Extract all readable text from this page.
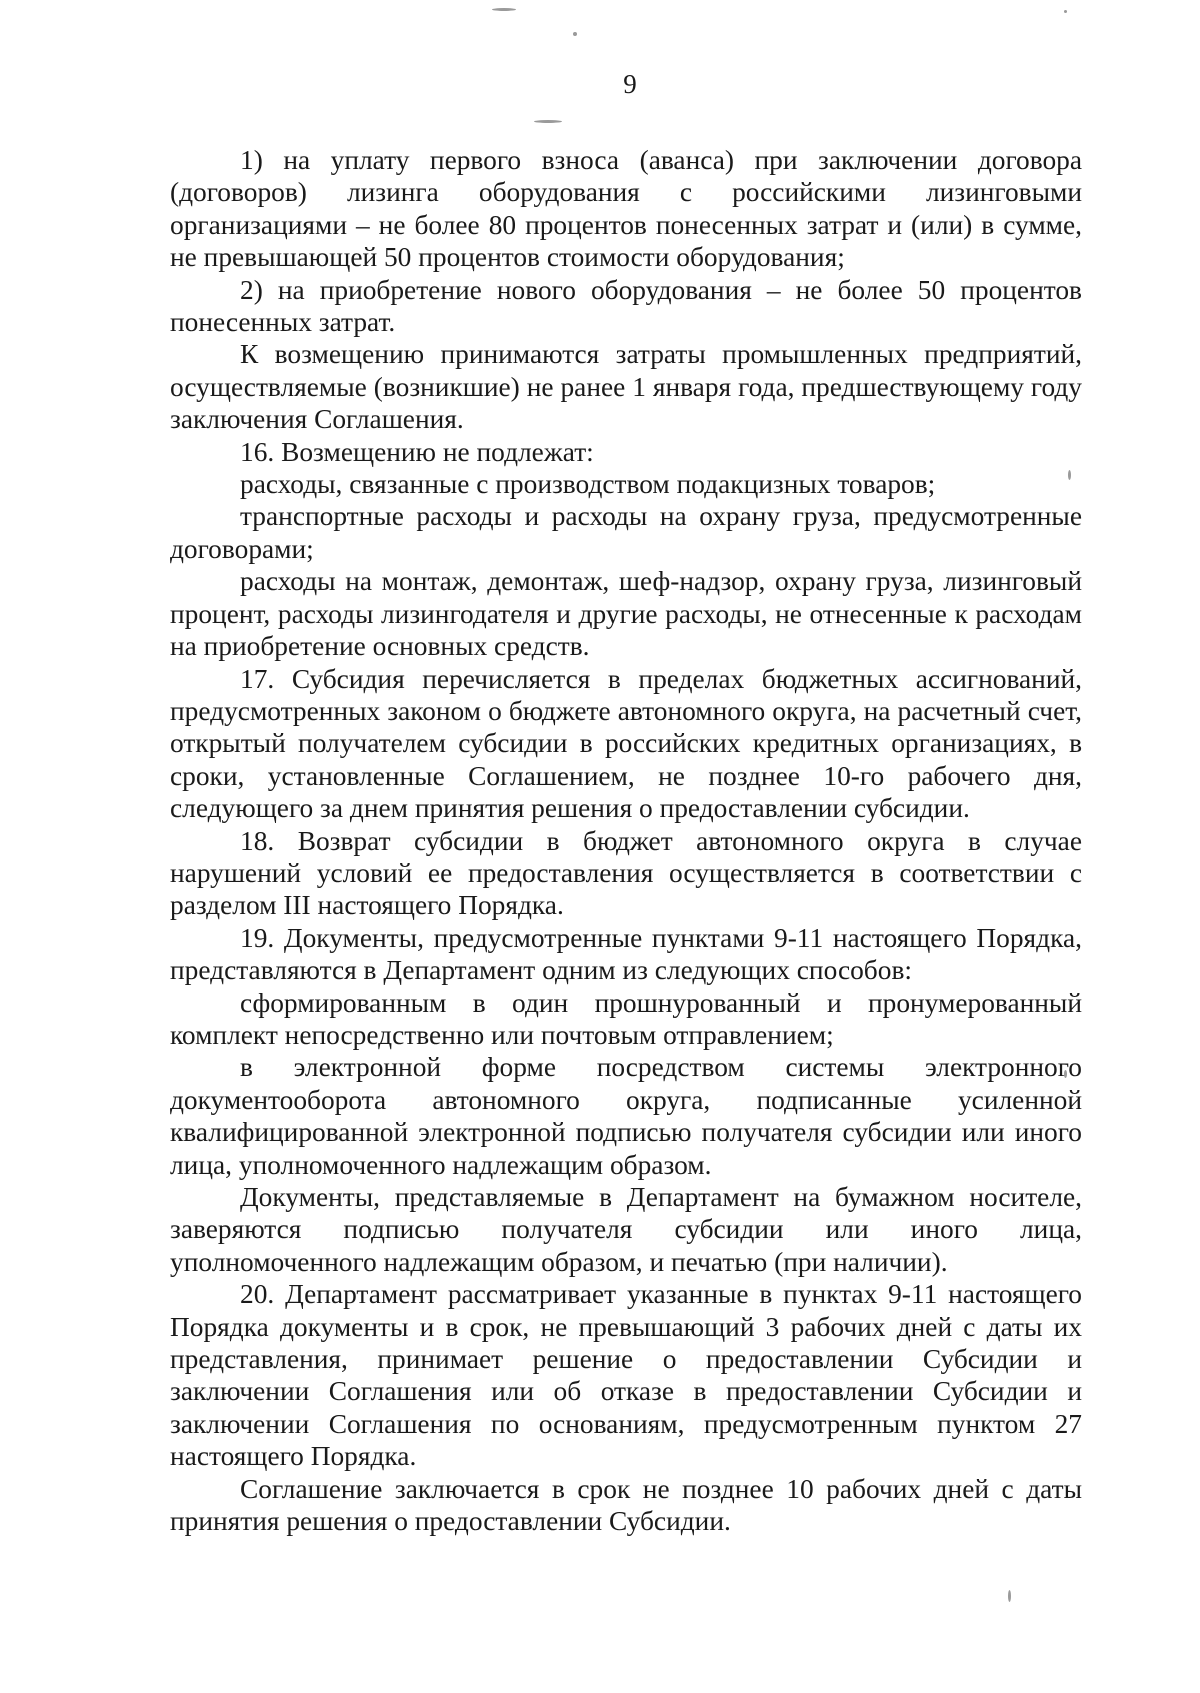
9

1) на уплату первого взноса (аванса) при заключении договора (договоров) лизинга оборудования с российскими лизинговыми организациями – не более 80 процентов понесенных затрат и (или) в сумме, не превышающей 50 процентов стоимости оборудования;

2) на приобретение нового оборудования – не более 50 процентов понесенных затрат.

К возмещению принимаются затраты промышленных предприятий, осуществляемые (возникшие) не ранее 1 января года, предшествующему году заключения Соглашения.

16. Возмещению не подлежат:

расходы, связанные с производством подакцизных товаров;

транспортные расходы и расходы на охрану груза, предусмотренные договорами;

расходы на монтаж, демонтаж, шеф-надзор, охрану груза, лизинговый процент, расходы лизингодателя и другие расходы, не отнесенные к расходам на приобретение основных средств.

17. Субсидия перечисляется в пределах бюджетных ассигнований, предусмотренных законом о бюджете автономного округа, на расчетный счет, открытый получателем субсидии в российских кредитных организациях, в сроки, установленные Соглашением, не позднее 10-го рабочего дня, следующего за днем принятия решения о предоставлении субсидии.

18. Возврат субсидии в бюджет автономного округа в случае нарушений условий ее предоставления осуществляется в соответствии с разделом III настоящего Порядка.

19. Документы, предусмотренные пунктами 9-11 настоящего Порядка, представляются в Департамент одним из следующих способов:

сформированным в один прошнурованный и пронумерованный комплект непосредственно или почтовым отправлением;

в электронной форме посредством системы электронного документооборота автономного округа, подписанные усиленной квалифицированной электронной подписью получателя субсидии или иного лица, уполномоченного надлежащим образом.

Документы, представляемые в Департамент на бумажном носителе, заверяются подписью получателя субсидии или иного лица, уполномоченного надлежащим образом, и печатью (при наличии).

20. Департамент рассматривает указанные в пунктах 9-11 настоящего Порядка документы и в срок, не превышающий 3 рабочих дней с даты их представления, принимает решение о предоставлении Субсидии и заключении Соглашения или об отказе в предоставлении Субсидии и заключении Соглашения по основаниям, предусмотренным пунктом 27 настоящего Порядка.

Соглашение заключается в срок не позднее 10 рабочих дней с даты принятия решения о предоставлении Субсидии.
